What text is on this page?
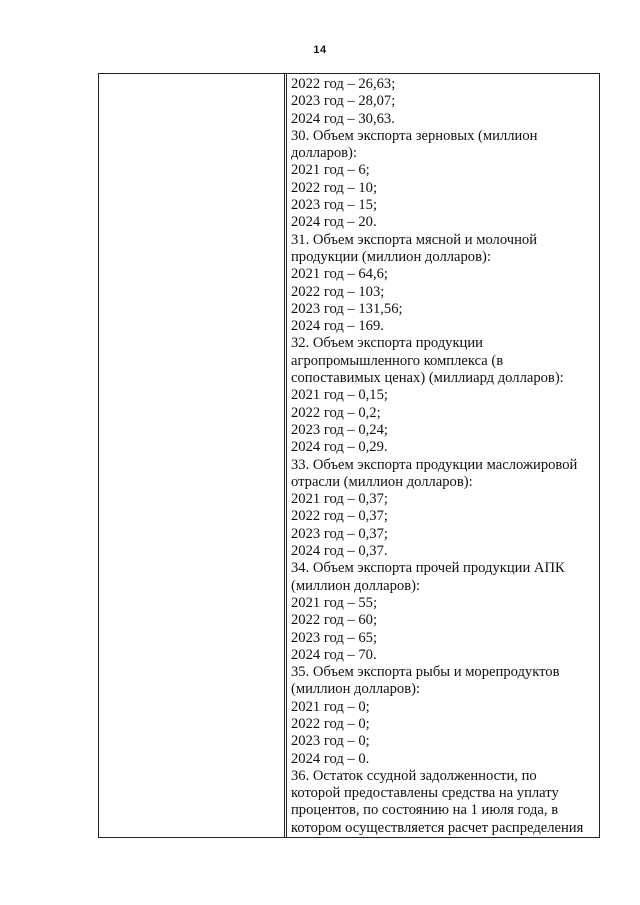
14
2022 год – 26,63;
2023 год – 28,07;
2024 год – 30,63.
30. Объем экспорта зерновых (миллион
долларов):
2021 год – 6;
2022 год – 10;
2023 год – 15;
2024 год – 20.
31. Объем экспорта мясной и молочной
продукции (миллион долларов):
2021 год – 64,6;
2022 год – 103;
2023 год – 131,56;
2024 год – 169.
32. Объем экспорта продукции
агропромышленного комплекса (в
сопоставимых ценах) (миллиард долларов):
2021 год – 0,15;
2022 год – 0,2;
2023 год – 0,24;
2024 год – 0,29.
33. Объем экспорта продукции масложировой
отрасли (миллион долларов):
2021 год – 0,37;
2022 год – 0,37;
2023 год – 0,37;
2024 год – 0,37.
34. Объем экспорта прочей продукции АПК
(миллион долларов):
2021 год – 55;
2022 год – 60;
2023 год – 65;
2024 год – 70.
35. Объем экспорта рыбы и морепродуктов
(миллион долларов):
2021 год – 0;
2022 год – 0;
2023 год – 0;
2024 год – 0.
36. Остаток ссудной задолженности, по
которой предоставлены средства на уплату
процентов, по состоянию на 1 июля года, в
котором осуществляется расчет распределения
